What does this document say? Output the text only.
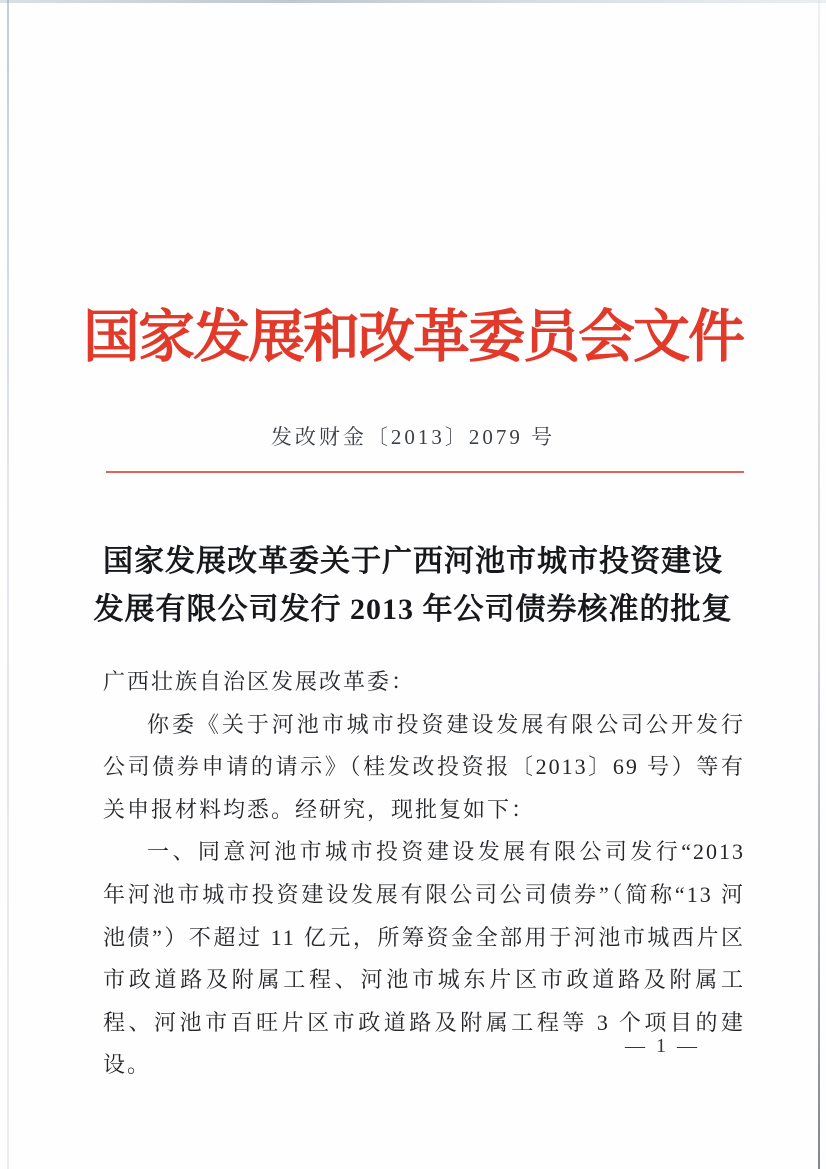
国家发展和改革委员会文件
发改财金〔2013〕2079 号
国家发展改革委关于广西河池市城市投资建设
发展有限公司发行 2013 年公司债券核准的批复

广西壮族自治区发展改革委：

你委《关于河池市城市投资建设发展有限公司公开发行公司债券申请的请示》（桂发改投资报〔2013〕69 号）等有关申报材料均悉。经研究，现批复如下：

一、同意河池市城市投资建设发展有限公司发行“2013 年河池市城市投资建设发展有限公司公司债券”（简称“13 河池债”）不超过 11 亿元，所筹资金全部用于河池市城西片区市政道路及附属工程、河池市城东片区市政道路及附属工程、河池市百旺片区市政道路及附属工程等 3 个项目的建设。

— 1 —
